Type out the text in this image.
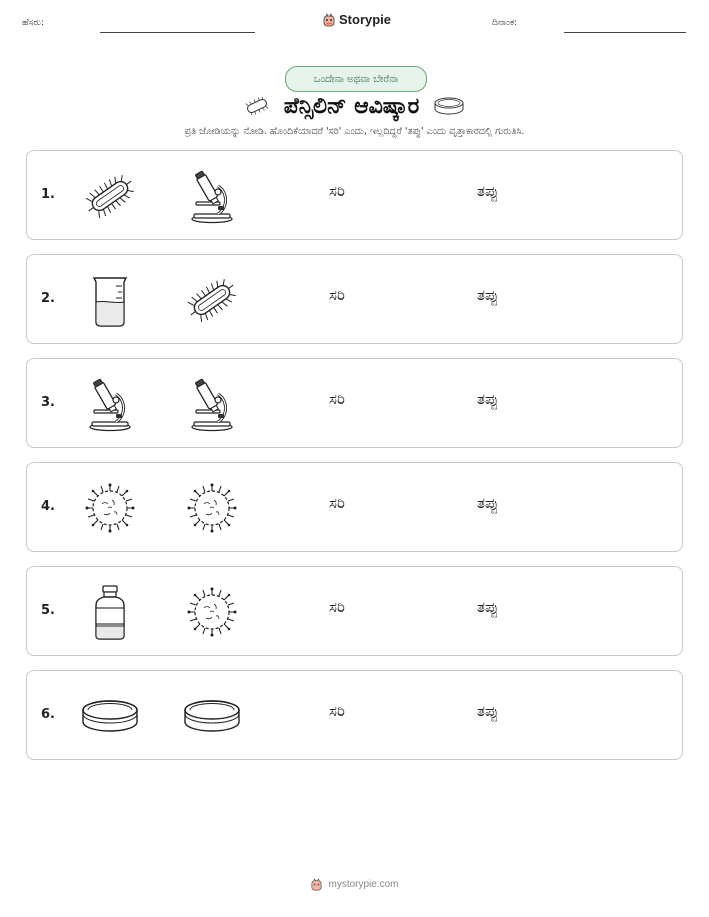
ಹೆಸರು:	Storypie	ದಿನಾಂಕ:
ಒಂದೇನಾ ಅಥವಾ ಬೇರೆನಾ
ಪೆನ್ಸಿಲಿನ್ ಆವಿಷ್ಕಾರ
ಪ್ರತಿ ಜೋಡಿಯನ್ನು ನೋಡಿ. ಹೊಂದಿಕೆಯಾದರೆ 'ಸರಿ' ಎಂದು, ಇಲ್ಲದಿದ್ದರೆ 'ತಪ್ಪು' ಎಂದು ವೃತ್ತಾಕಾರದಲ್ಲಿ ಗುರುತಿಸಿ.
1.	ಸರಿ	ತಪ್ಪು
2.	ಸರಿ	ತಪ್ಪು
3.	ಸರಿ	ತಪ್ಪು
4.	ಸರಿ	ತಪ್ಪು
5.	ಸರಿ	ತಪ್ಪು
6.	ಸರಿ	ತಪ್ಪು
mystorypie.com
